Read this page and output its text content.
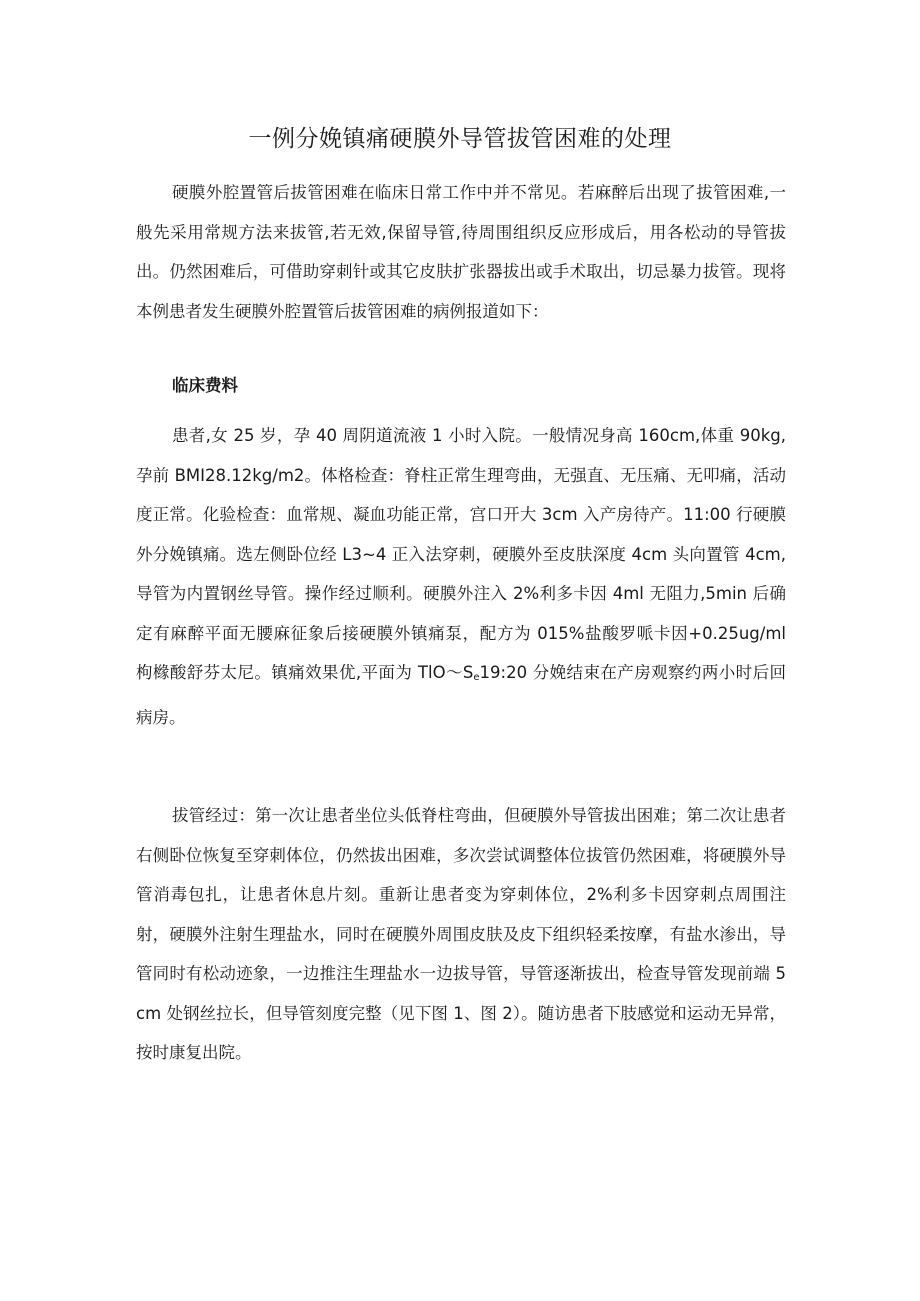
一例分娩镇痛硬膜外导管拔管困难的处理

硬膜外腔置管后拔管困难在临床日常工作中并不常见。若麻醉后出现了拔管困难,一般先采用常规方法来拔管,若无效,保留导管,待周围组织反应形成后，用各松动的导管拔出。仍然困难后，可借助穿刺针或其它皮肤扩张器拔出或手术取出，切忌暴力拔管。现将本例患者发生硬膜外腔置管后拔管困难的病例报道如下：

临床费料

患者,女 25 岁，孕 40 周阴道流液 1 小时入院。一般情况身高 160cm,体重 90kg,孕前 BMI28.12kg/m2。体格检查：脊柱正常生理弯曲，无强直、无压痛、无叩痛，活动度正常。化验检查：血常规、凝血功能正常，宫口开大 3cm 入产房待产。11:00 行硬膜外分娩镇痛。选左侧卧位经 L3~4 正入法穿刺，硬膜外至皮肤深度 4cm 头向置管 4cm,导管为内置钢丝导管。操作经过顺利。硬膜外注入 2%利多卡因 4ml 无阻力,5min 后确定有麻醉平面无腰麻征象后接硬膜外镇痛泵，配方为 015%盐酸罗哌卡因+0.25ug/ml 枸橼酸舒芬太尼。镇痛效果优,平面为 TlO〜$S_e19:20$ 分娩结束在产房观察约两小时后回病房。

拔管经过：第一次让患者坐位头低脊柱弯曲，但硬膜外导管拔出困难；第二次让患者右侧卧位恢复至穿刺体位，仍然拔出困难，多次尝试调整体位拔管仍然困难，将硬膜外导管消毒包扎，让患者休息片刻。重新让患者变为穿刺体位，2%利多卡因穿刺点周围注射，硬膜外注射生理盐水，同时在硬膜外周围皮肤及皮下组织轻柔按摩，有盐水渗出，导管同时有松动迹象，一边推注生理盐水一边拔导管，导管逐渐拔出，检查导管发现前端 5cm 处钢丝拉长，但导管刻度完整（见下图 1、图 2）。随访患者下肢感觉和运动无异常，按时康复出院。
